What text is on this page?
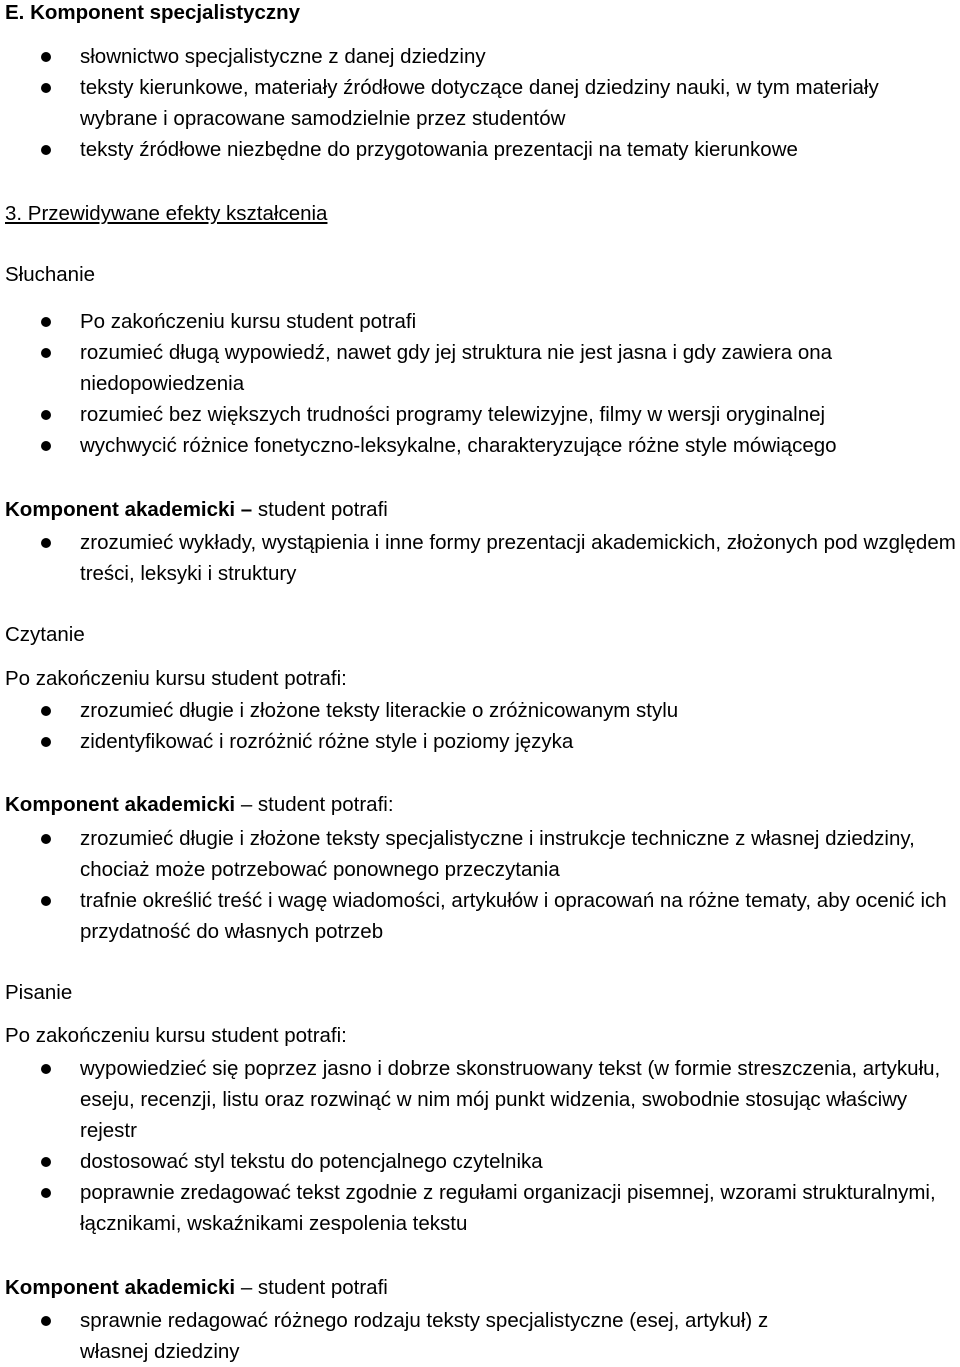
E. Komponent specjalistyczny
słownictwo specjalistyczne z danej dziedziny
teksty kierunkowe, materiały źródłowe dotyczące danej dziedziny nauki, w tym materiały wybrane i opracowane samodzielnie przez studentów
teksty źródłowe niezbędne do przygotowania prezentacji na tematy kierunkowe
3. Przewidywane efekty kształcenia
Słuchanie
Po zakończeniu kursu student potrafi
rozumieć długą wypowiedź, nawet gdy jej struktura nie jest jasna i gdy zawiera ona niedopowiedzenia
rozumieć bez większych trudności programy telewizyjne, filmy w wersji oryginalnej
wychwycić różnice fonetyczno-leksykalne, charakteryzujące różne style mówiącego
Komponent akademicki – student potrafi
zrozumieć wykłady, wystąpienia i inne formy prezentacji akademickich, złożonych pod względem treści, leksyki i struktury
Czytanie
Po zakończeniu kursu student potrafi:
zrozumieć długie i złożone teksty literackie o zróżnicowanym stylu
zidentyfikować i rozróżnić różne style i poziomy języka
Komponent akademicki – student potrafi:
zrozumieć długie i złożone teksty specjalistyczne i instrukcje techniczne z własnej dziedziny, chociaż może potrzebować ponownego przeczytania
trafnie określić treść i wagę wiadomości, artykułów i opracowań na różne tematy, aby ocenić ich przydatność do własnych potrzeb
Pisanie
Po zakończeniu kursu student potrafi:
wypowiedzieć się poprzez jasno i dobrze skonstruowany tekst (w formie streszczenia, artykułu, eseju, recenzji, listu oraz rozwinąć w nim mój punkt widzenia, swobodnie stosując właściwy rejestr
dostosować styl tekstu do potencjalnego czytelnika
poprawnie zredagować tekst zgodnie z regułami organizacji pisemnej, wzorami strukturalnymi, łącznikami, wskaźnikami zespolenia tekstu
Komponent akademicki – student potrafi
sprawnie redagować różnego rodzaju teksty specjalistyczne (esej, artykuł) z własnej dziedziny
